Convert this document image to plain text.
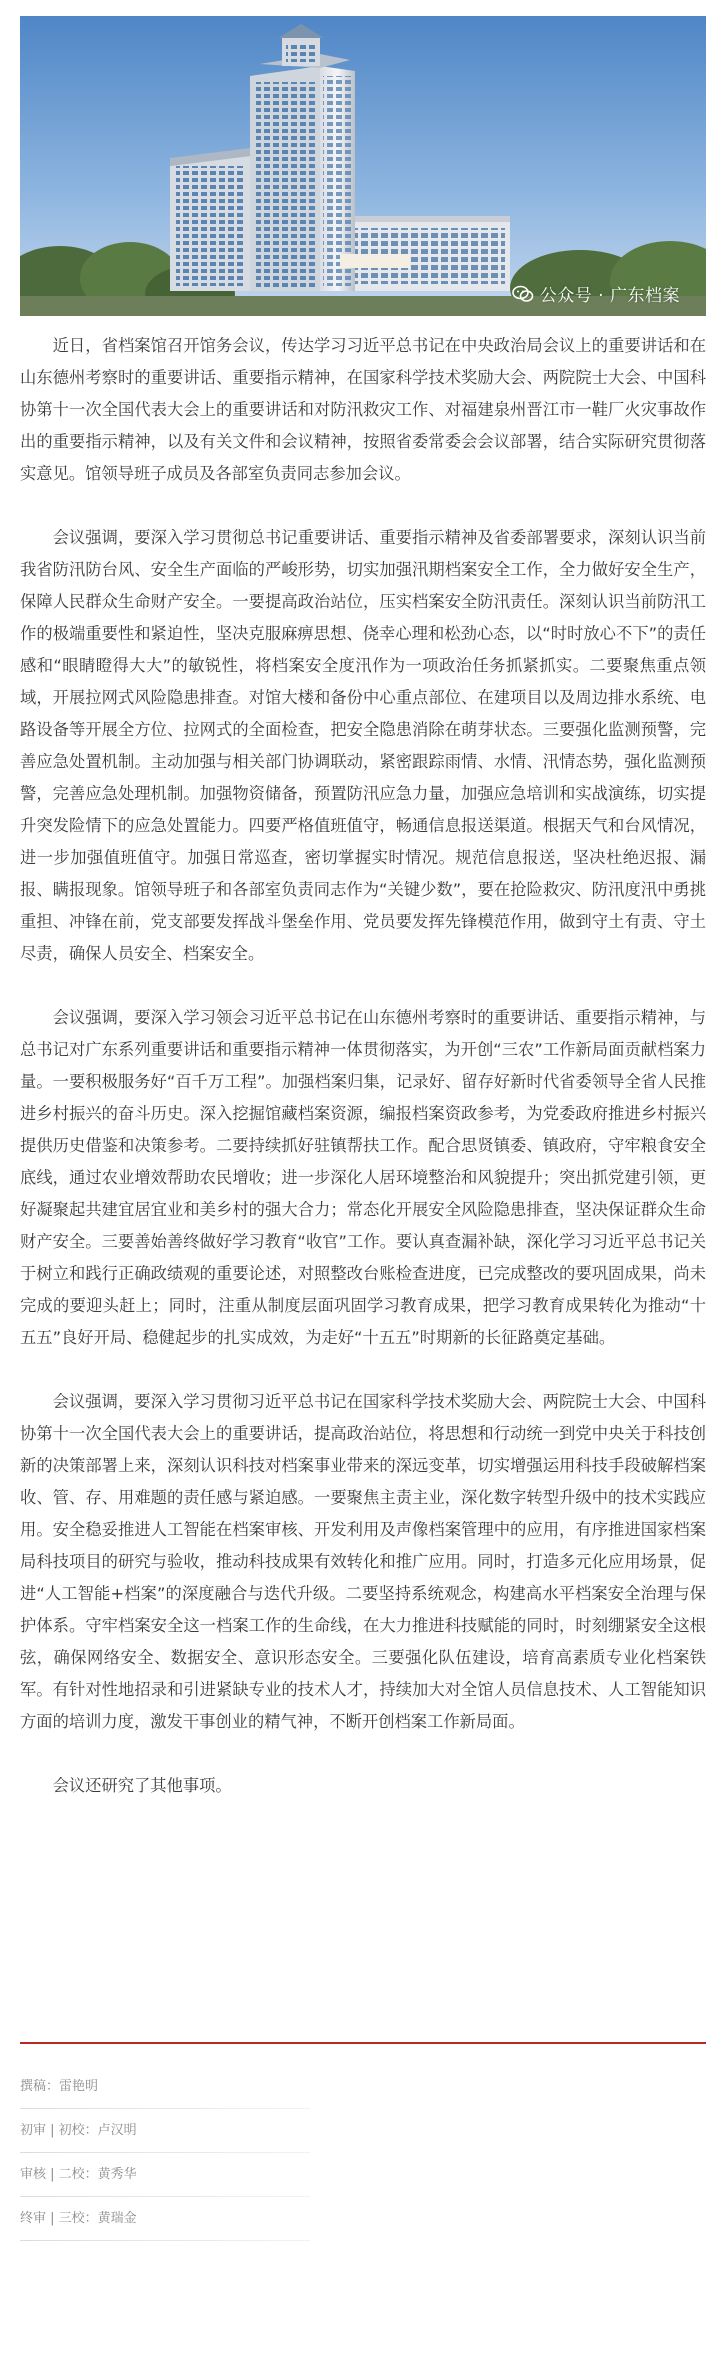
公众号 · 广东档案

近日，省档案馆召开馆务会议，传达学习习近平总书记在中央政治局会议上的重要讲话和在山东德州考察时的重要讲话、重要指示精神，在国家科学技术奖励大会、两院院士大会、中国科协第十一次全国代表大会上的重要讲话和对防汛救灾工作、对福建泉州晋江市一鞋厂火灾事故作出的重要指示精神，以及有关文件和会议精神，按照省委常委会会议部署，结合实际研究贯彻落实意见。馆领导班子成员及各部室负责同志参加会议。

会议强调，要深入学习贯彻总书记重要讲话、重要指示精神及省委部署要求，深刻认识当前我省防汛防台风、安全生产面临的严峻形势，切实加强汛期档案安全工作，全力做好安全生产，保障人民群众生命财产安全。一要提高政治站位，压实档案安全防汛责任。深刻认识当前防汛工作的极端重要性和紧迫性，坚决克服麻痹思想、侥幸心理和松劲心态，以“时时放心不下”的责任感和“眼睛瞪得大大”的敏锐性，将档案安全度汛作为一项政治任务抓紧抓实。二要聚焦重点领域，开展拉网式风险隐患排查。对馆大楼和备份中心重点部位、在建项目以及周边排水系统、电路设备等开展全方位、拉网式的全面检查，把安全隐患消除在萌芽状态。三要强化监测预警，完善应急处置机制。主动加强与相关部门协调联动，紧密跟踪雨情、水情、汛情态势，强化监测预警，完善应急处理机制。加强物资储备，预置防汛应急力量，加强应急培训和实战演练，切实提升突发险情下的应急处置能力。四要严格值班值守，畅通信息报送渠道。根据天气和台风情况，进一步加强值班值守。加强日常巡查，密切掌握实时情况。规范信息报送，坚决杜绝迟报、漏报、瞒报现象。馆领导班子和各部室负责同志作为“关键少数”，要在抢险救灾、防汛度汛中勇挑重担、冲锋在前，党支部要发挥战斗堡垒作用、党员要发挥先锋模范作用，做到守土有责、守土尽责，确保人员安全、档案安全。

会议强调，要深入学习领会习近平总书记在山东德州考察时的重要讲话、重要指示精神，与总书记对广东系列重要讲话和重要指示精神一体贯彻落实，为开创“三农”工作新局面贡献档案力量。一要积极服务好“百千万工程”。加强档案归集，记录好、留存好新时代省委领导全省人民推进乡村振兴的奋斗历史。深入挖掘馆藏档案资源，编报档案资政参考，为党委政府推进乡村振兴提供历史借鉴和决策参考。二要持续抓好驻镇帮扶工作。配合思贤镇委、镇政府，守牢粮食安全底线，通过农业增效帮助农民增收；进一步深化人居环境整治和风貌提升；突出抓党建引领，更好凝聚起共建宜居宜业和美乡村的强大合力；常态化开展安全风险隐患排查，坚决保证群众生命财产安全。三要善始善终做好学习教育“收官”工作。要认真查漏补缺，深化学习习近平总书记关于树立和践行正确政绩观的重要论述，对照整改台账检查进度，已完成整改的要巩固成果，尚未完成的要迎头赶上；同时，注重从制度层面巩固学习教育成果，把学习教育成果转化为推动“十五五”良好开局、稳健起步的扎实成效，为走好“十五五”时期新的长征路奠定基础。

会议强调，要深入学习贯彻习近平总书记在国家科学技术奖励大会、两院院士大会、中国科协第十一次全国代表大会上的重要讲话，提高政治站位，将思想和行动统一到党中央关于科技创新的决策部署上来，深刻认识科技对档案事业带来的深远变革，切实增强运用科技手段破解档案收、管、存、用难题的责任感与紧迫感。一要聚焦主责主业，深化数字转型升级中的技术实践应用。安全稳妥推进人工智能在档案审核、开发利用及声像档案管理中的应用，有序推进国家档案局科技项目的研究与验收，推动科技成果有效转化和推广应用。同时，打造多元化应用场景，促进“人工智能+档案”的深度融合与迭代升级。二要坚持系统观念，构建高水平档案安全治理与保护体系。守牢档案安全这一档案工作的生命线，在大力推进科技赋能的同时，时刻绷紧安全这根弦，确保网络安全、数据安全、意识形态安全。三要强化队伍建设，培育高素质专业化档案铁军。有针对性地招录和引进紧缺专业的技术人才，持续加大对全馆人员信息技术、人工智能知识方面的培训力度，激发干事创业的精气神，不断开创档案工作新局面。

会议还研究了其他事项。

撰稿：雷艳明
初审 | 初校：卢汉明
审核 | 二校：黄秀华
终审 | 三校：黄瑞金
